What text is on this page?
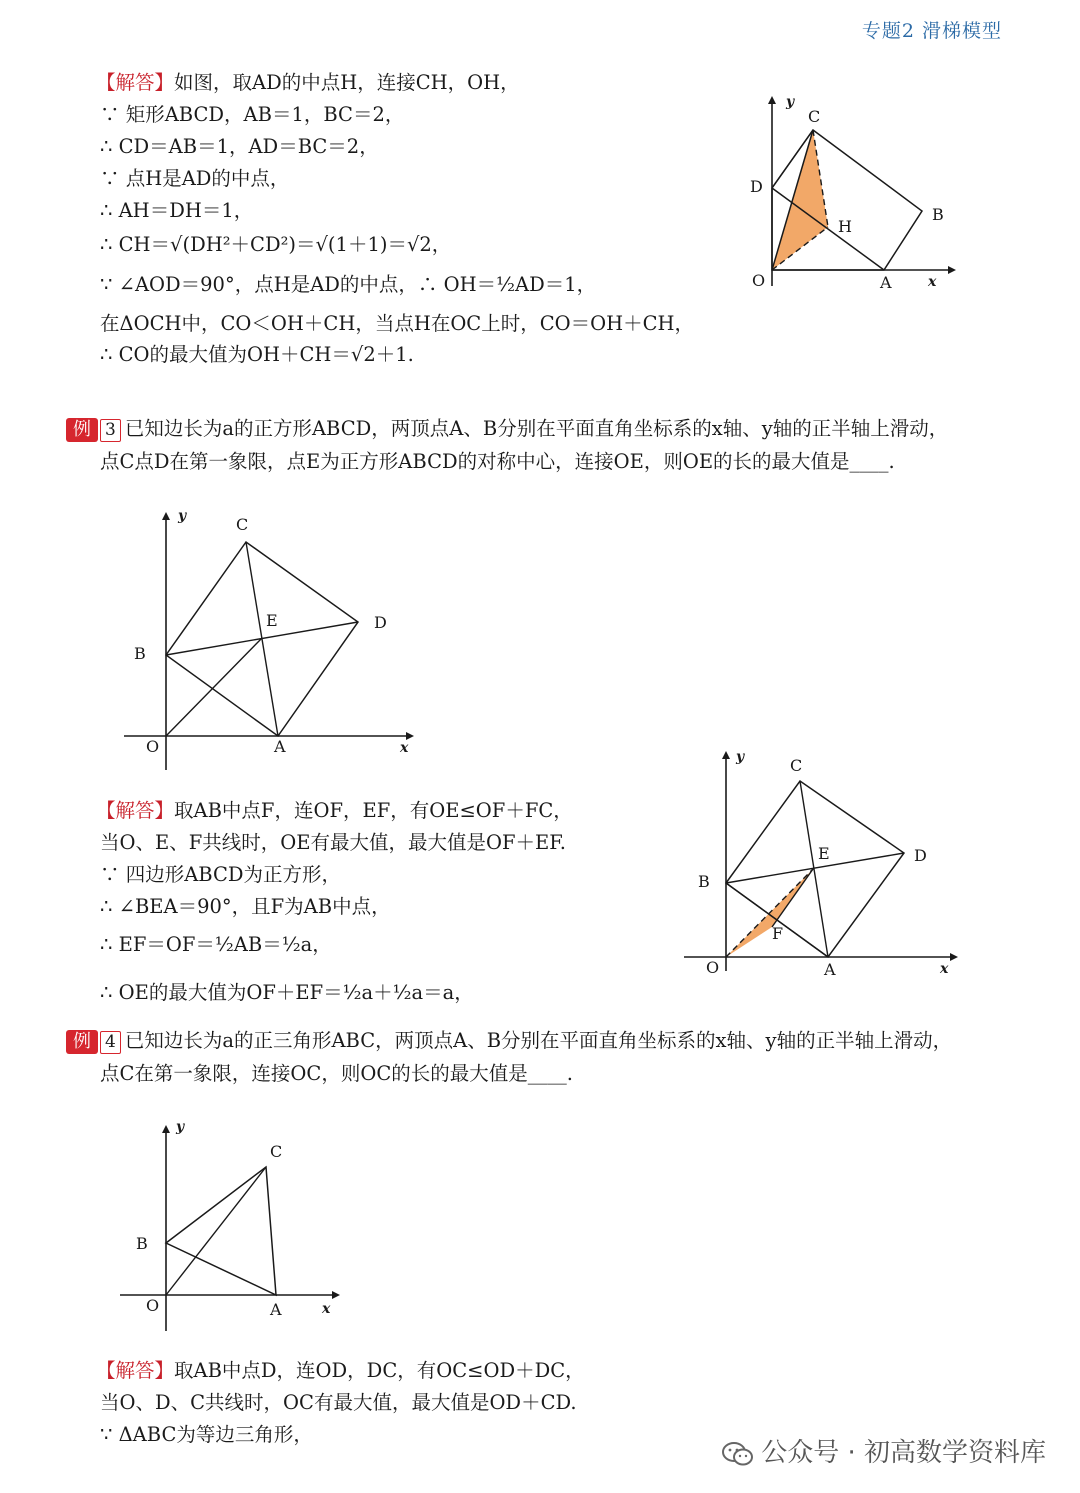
专题2 滑梯模型
【解答】如图，取AD的中点H，连接CH，OH，
∵ 矩形ABCD，AB＝1，BC＝2，
∴ CD＝AB＝1，AD＝BC＝2，
∵ 点H是AD的中点，
∴ AH＝DH＝1，
∴ CH＝√(DH²＋CD²)＝√(1＋1)＝√2，
∵ ∠AOD＝90°，点H是AD的中点，∴ OH＝½AD＝1，
在ΔOCH中，CO＜OH＋CH，当点H在OC上时，CO＝OH＋CH，
∴ CO的最大值为OH＋CH＝√2＋1.
y
x
O	A
B
C
D
H
例 3 已知边长为a的正方形ABCD，两顶点A、B分别在平面直角坐标系的x轴、y轴的正半轴上滑动，
点C点D在第一象限，点E为正方形ABCD的对称中心，连接OE，则OE的长的最大值是____.
y
x
O	A
B
C
D
E
【解答】取AB中点F，连OF，EF，有OE≤OF＋FC，
当O、E、F共线时，OE有最大值，最大值是OF＋EF.
∵ 四边形ABCD为正方形，
∴ ∠BEA＝90°，且F为AB中点，
∴ EF＝OF＝½AB＝½a，
∴ OE的最大值为OF＋EF＝½a＋½a＝a，
y
x
O	A
B
C
D
E
F
例 4 已知边长为a的正三角形ABC，两顶点A、B分别在平面直角坐标系的x轴、y轴的正半轴上滑动，
点C在第一象限，连接OC，则OC的长的最大值是____.
y
x
O	A
B
C
【解答】取AB中点D，连OD，DC，有OC≤OD＋DC，
当O、D、C共线时，OC有最大值，最大值是OD＋CD.
∵ ΔABC为等边三角形，
公众号 · 初高数学资料库
